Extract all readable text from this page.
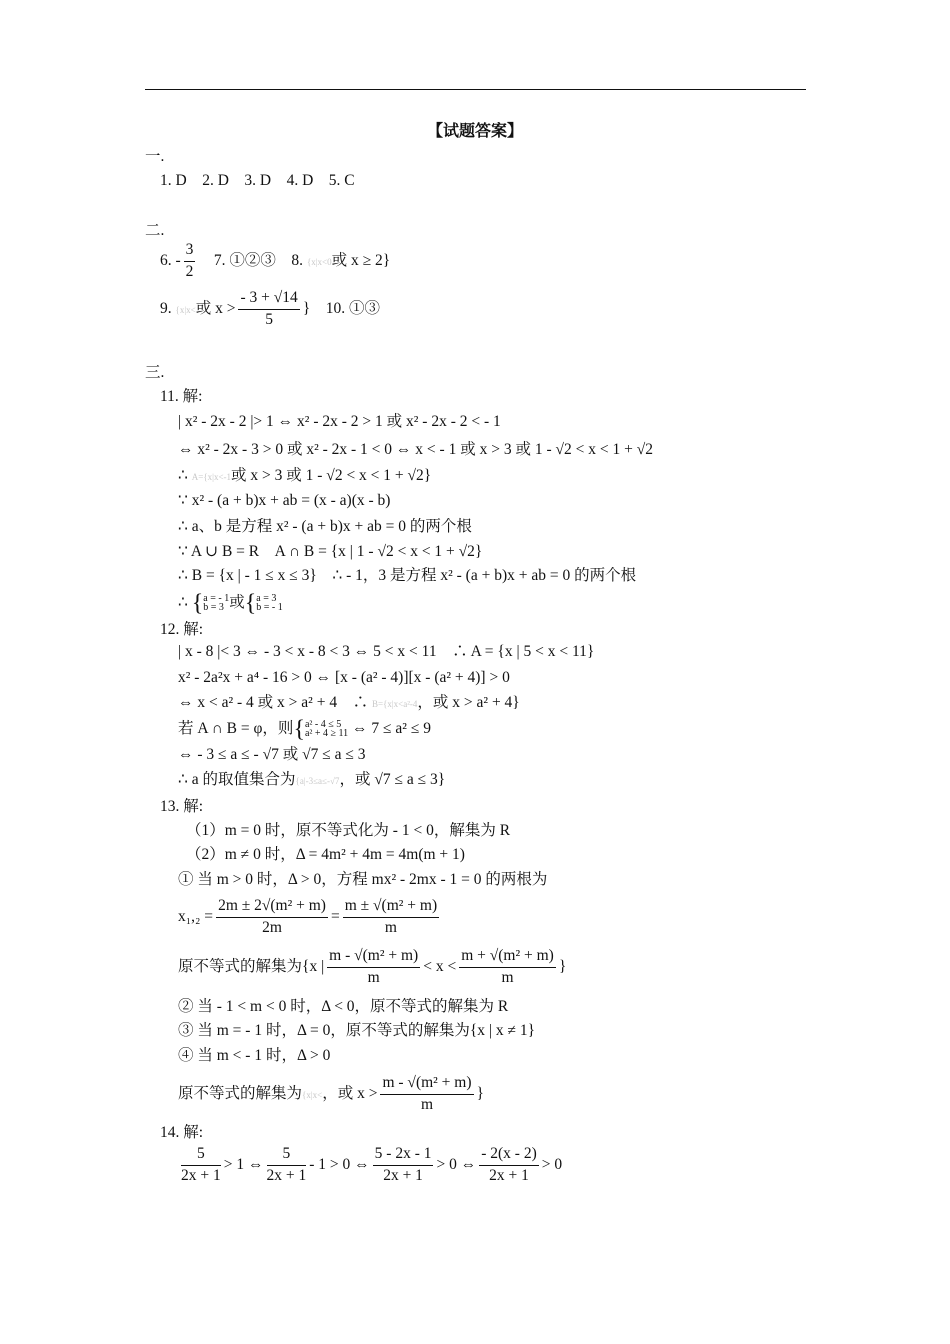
【试题答案】
一.
1. D　2. D　3. D　4. D　5. C
二.
6. - $\frac{3}{2}$ 　7. ①②③　8. {x|x<0或 x ≥ 2}
9. {x|x<或 $x > \frac{- 3 + √14}{5}$ }　10. ①③
三.
11. 解:
| x² - 2x - 2 |> 1 ⇔ x² - 2x - 2 > 1 或 x² - 2x - 2 < - 1
⇔ x² - 2x - 3 > 0 或 x² - 2x - 1 < 0 ⇔ x < - 1 或 x > 3 或 1 - √2 < x < 1 + √2
∴ A={x|x<-1或 x > 3 或 1 - √2 < x < 1 + √2}
∵ x² - (a + b)x + ab = (x - a)(x - b)
∴ a、b 是方程 x² - (a + b)x + ab = 0 的两个根
∵ A ∪ B = R　A ∩ B = {x | 1 - √2 < x < 1 + √2}
∴ B = {x | - 1 ≤ x ≤ 3}　∴ - 1，3 是方程 x² - (a + b)x + ab = 0 的两个根
∴ {a = - 1
b = 3 或{a = 3
b = - 1
12. 解:
| x - 8 |< 3 ⇔ - 3 < x - 8 < 3 ⇔ 5 < x < 11　∴ A = {x | 5 < x < 11}
x² - 2a²x + a⁴ - 16 > 0 ⇔ [x - (a² - 4)][x - (a² + 4)] > 0
⇔ x < a² - 4 或 x > a² + 4　∴ B={x|x<a²-4，或 x > a² + 4}
若 A ∩ B = φ，则{a² - 4 ≤ 5
a² + 4 ≥ 11 ⇔ 7 ≤ a² ≤ 9
⇔ - 3 ≤ a ≤ - √7 或 √7 ≤ a ≤ 3
∴ a 的取值集合为{a|-3≤a≤-√7，或 √7 ≤ a ≤ 3}
13. 解:
（1）m = 0 时，原不等式化为 - 1 < 0，解集为 R
（2）m ≠ 0 时，Δ = 4m² + 4m = 4m(m + 1)
① 当 m > 0 时，Δ > 0，方程 mx² - 2mx - 1 = 0 的两根为
$x_1,_2 = \frac{\text{2m ± 2√(m² + m)}}{2m} = \frac{\text{m ± √(m² + m)}}{m}$
原不等式的解集为{x | $\frac{\text{m - √(m² + m)}}{m} < x < \frac{\text{m + √(m² + m)}}{m}$ }
② 当 - 1 < m < 0 时，Δ < 0，原不等式的解集为 R
③ 当 m = - 1 时，Δ = 0，原不等式的解集为{x | x ≠ 1}
④ 当 m < - 1 时，Δ > 0
原不等式的解集为{x|x<，或 $x > \frac{\text{m - √(m² + m)}}{m}$ }
14. 解:
$\frac{5}{2x + 1} > 1$ ⇔ $\frac{5}{2x + 1} - 1 > 0$ ⇔ $\frac{5 - 2x - 1}{2x + 1} > 0$ ⇔ $\frac{- 2(x - 2)}{2x + 1} > 0$
